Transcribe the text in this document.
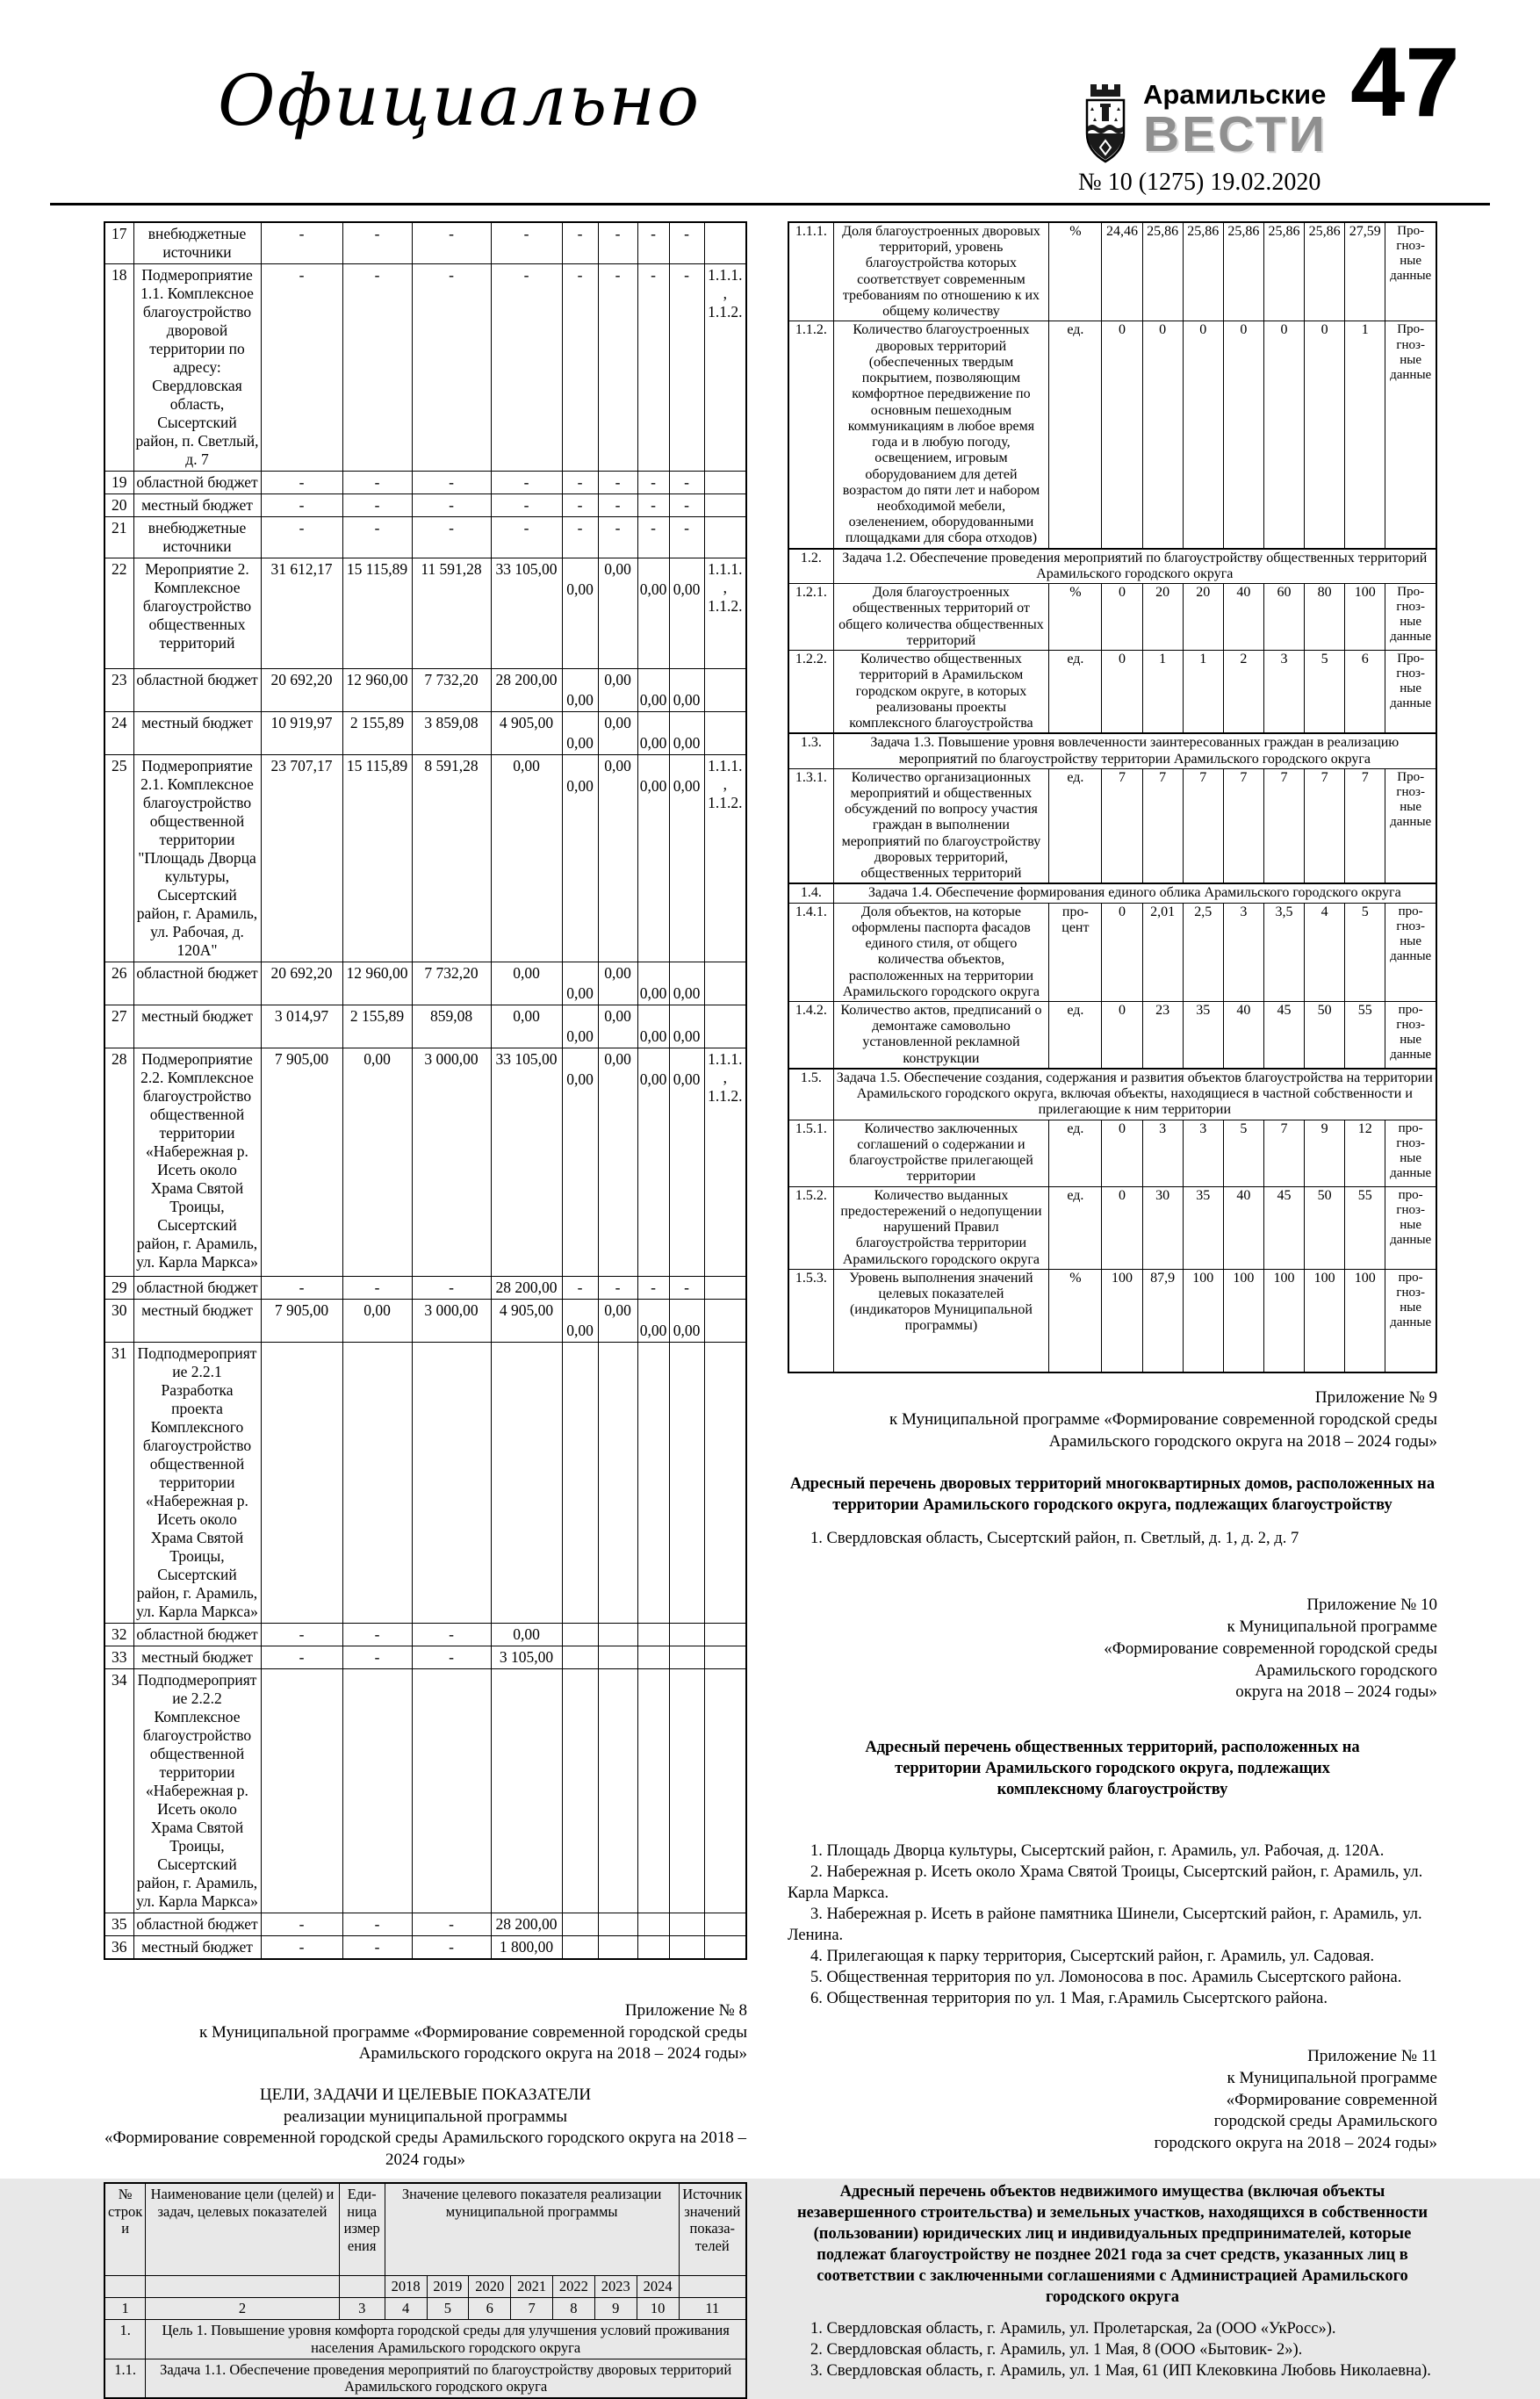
Официально	Арамильские
ВЕСТИ 47
№ 10 (1275) 19.02.2020
17	внебюджетные источники	-	-	-	-	-	-	-	-	
18	Подмероприятие 1.1. Комплексное благоустройство дворовой территории по адресу: Свердловская область, Сысертский район, п. Светлый, д. 7	-	-	-	-	-	-	-	-	1.1.1., 1.1.2.
19	областной бюджет	-	-	-	-	-	-	-	-	
20	местный бюджет	-	-	-	-	-	-	-	-	
21	внебюджетные источники	-	-	-	-	-	-	-	-	
22	Мероприятие 2. Комплексное благоустройство общественных территорий	31 612,17	15 115,89	11 591,28	33 105,00	0,00	0,00	0,00	0,00	1.1.1., 1.1.2.
23	областной бюджет	20 692,20	12 960,00	7 732,20	28 200,00	0,00	0,00	0,00	0,00	
24	местный бюджет	10 919,97	2 155,89	3 859,08	4 905,00	0,00	0,00	0,00	0,00	
25	Подмероприятие 2.1. Комплексное благоустройство общественной территории "Площадь Дворца культуры, Сысертский район, г. Арамиль, ул. Рабочая, д. 120А"	23 707,17	15 115,89	8 591,28	0,00	0,00	0,00	0,00	0,00	1.1.1., 1.1.2.
26	областной бюджет	20 692,20	12 960,00	7 732,20	0,00	0,00	0,00	0,00	0,00	
27	местный бюджет	3 014,97	2 155,89	859,08	0,00	0,00	0,00	0,00	0,00	
28	Подмероприятие 2.2. Комплексное благоустройство общественной территории «Набережная р. Исеть около Храма Святой Троицы, Сысертский район, г. Арамиль, ул. Карла Маркса»	7 905,00	0,00	3 000,00	33 105,00	0,00	0,00	0,00	0,00	1.1.1., 1.1.2.
29	областной бюджет	-	-	-	28 200,00	-	-	-	-	
30	местный бюджет	7 905,00	0,00	3 000,00	4 905,00	0,00	0,00	0,00	0,00	
31	Подподмероприятие 2.2.1 Разработка проекта Комплексного благоустройство общественной территории «Набережная р. Исеть около Храма Святой Троицы, Сысертский район, г. Арамиль, ул. Карла Маркса»									
32	областной бюджет	-	-	-	0,00					
33	местный бюджет	-	-	-	3 105,00					
34	Подподмероприятие 2.2.2 Комплексное благоустройство общественной территории «Набережная р. Исеть около Храма Святой Троицы, Сысертский район, г. Арамиль, ул. Карла Маркса»									
35	областной бюджет	-	-	-	28 200,00					
36	местный бюджет	-	-	-	1 800,00					
Приложение № 8
к Муниципальной программе «Формирование современной городской среды Арамильского городского округа на 2018 – 2024 годы»
ЦЕЛИ, ЗАДАЧИ И ЦЕЛЕВЫЕ ПОКАЗАТЕЛИ
реализации муниципальной программы
«Формирование современной городской среды Арамильского городского округа на 2018 – 2024 годы»
№ строки	Наименование цели (целей) и задач, целевых показателей	Единица измерения	Значение целевого показателя реализации муниципальной программы							Источник значений показателей
			2018	2019	2020	2021	2022	2023	2024	
1	2	3	4	5	6	7	8	9	10	11
1.	Цель 1. Повышение уровня комфорта городской среды для улучшения условий проживания населения Арамильского городского округа									
1.1.	Задача 1.1. Обеспечение проведения мероприятий по благоустройству дворовых территорий Арамильского городского округа									
1.1.1.	Доля благоустроенных дворовых территорий, уровень благоустройства которых соответствует современным требованиям по отношению к их общему количеству	%	24,46	25,86	25,86	25,86	25,86	25,86	27,59	Прогнозные данные
1.1.2.	Количество благоустроенных дворовых территорий (обеспеченных твердым покрытием, позволяющим комфортное передвижение по основным пешеходным коммуникациям в любое время года и в любую погоду, освещением, игровым оборудованием для детей возрастом до пяти лет и набором необходимой мебели, озеленением, оборудованными площадками для сбора отходов)	ед.	0	0	0	0	0	0	1	Прогнозные данные
1.2.	Задача 1.2. Обеспечение проведения мероприятий по благоустройству общественных территорий Арамильского городского округа									
1.2.1.	Доля благоустроенных общественных территорий от общего количества общественных территорий	%	0	20	20	40	60	80	100	Прогнозные данные
1.2.2.	Количество общественных территорий в Арамильском городском округе, в которых реализованы проекты комплексного благоустройства	ед.	0	1	1	2	3	5	6	Прогнозные данные
1.3.	Задача 1.3. Повышение уровня вовлеченности заинтересованных граждан в реализацию мероприятий по благоустройству территории Арамильского городского округа									
1.3.1.	Количество организационных мероприятий и общественных обсуждений по вопросу участия граждан в выполнении мероприятий по благоустройству дворовых территорий, общественных территорий	ед.	7	7	7	7	7	7	7	Прогнозные данные
1.4.	Задача 1.4. Обеспечение формирования единого облика Арамильского городского округа									
1.4.1.	Доля объектов, на которые оформлены паспорта фасадов единого стиля, от общего количества объектов, расположенных на территории Арамильского городского округа	процент	0	2,01	2,5	3	3,5	4	5	прогнозные данные
1.4.2.	Количество актов, предписаний о демонтаже самовольно установленной рекламной конструкции	ед.	0	23	35	40	45	50	55	прогнозные данные
1.5.	Задача 1.5. Обеспечение создания, содержания и развития объектов благоустройства на территории Арамильского городского округа, включая объекты, находящиеся в частной собственности и прилегающие к ним территории									
1.5.1.	Количество заключенных соглашений о содержании и благоустройстве прилегающей территории	ед.	0	3	3	5	7	9	12	прогнозные данные
1.5.2.	Количество выданных предостережений о недопущении нарушений Правил благоустройства территории Арамильского городского округа	ед.	0	30	35	40	45	50	55	прогнозные данные
1.5.3.	Уровень выполнения значений целевых показателей (индикаторов Муниципальной программы)	%	100	87,9	100	100	100	100	100	прогнозные данные
Приложение № 9
к Муниципальной программе «Формирование современной городской среды Арамильского городского округа на 2018 – 2024 годы»
Адресный перечень дворовых территорий многоквартирных домов, расположенных на территории Арамильского городского округа, подлежащих благоустройству

1. Свердловская область, Сысертский район, п. Светлый, д. 1, д. 2, д. 7

Приложение № 10
к Муниципальной программе
«Формирование современной городской среды
Арамильского городского
округа на 2018 – 2024 годы»
Адресный перечень общественных территорий, расположенных на территории Арамильского городского округа, подлежащих комплексному благоустройству

1. Площадь Дворца культуры, Сысертский район, г. Арамиль, ул. Рабочая, д. 120А.

2. Набережная р. Исеть около Храма Святой Троицы, Сысертский район, г. Арамиль, ул. Карла Маркса.

3. Набережная р. Исеть в районе памятника Шинели, Сысертский район, г. Арамиль, ул. Ленина.

4. Прилегающая к парку территория, Сысертский район, г. Арамиль, ул. Садовая.

5. Общественная территория по ул. Ломоносова в пос. Арамиль Сысертского района.

6. Общественная территория по ул. 1 Мая, г.Арамиль Сысертского района.

Приложение № 11
к Муниципальной программе
«Формирование современной
городской среды Арамильского
городского округа на 2018 – 2024 годы»
Адресный перечень объектов недвижимого имущества (включая объекты незавершенного строительства) и земельных участков, находящихся в собственности (пользовании) юридических лиц и индивидуальных предпринимателей, которые подлежат благоустройству не позднее 2021 года за счет средств, указанных лиц в соответствии с заключенными соглашениями с Администрацией Арамильского городского округа

1. Свердловская область, г. Арамиль, ул. Пролетарская, 2а (ООО «УкРосс»).

2. Свердловская область, г. Арамиль, ул. 1 Мая, 8 (ООО «Бытовик- 2»).

3. Свердловская область, г. Арамиль, ул. 1 Мая, 61 (ИП Клековкина Любовь Николаевна).
